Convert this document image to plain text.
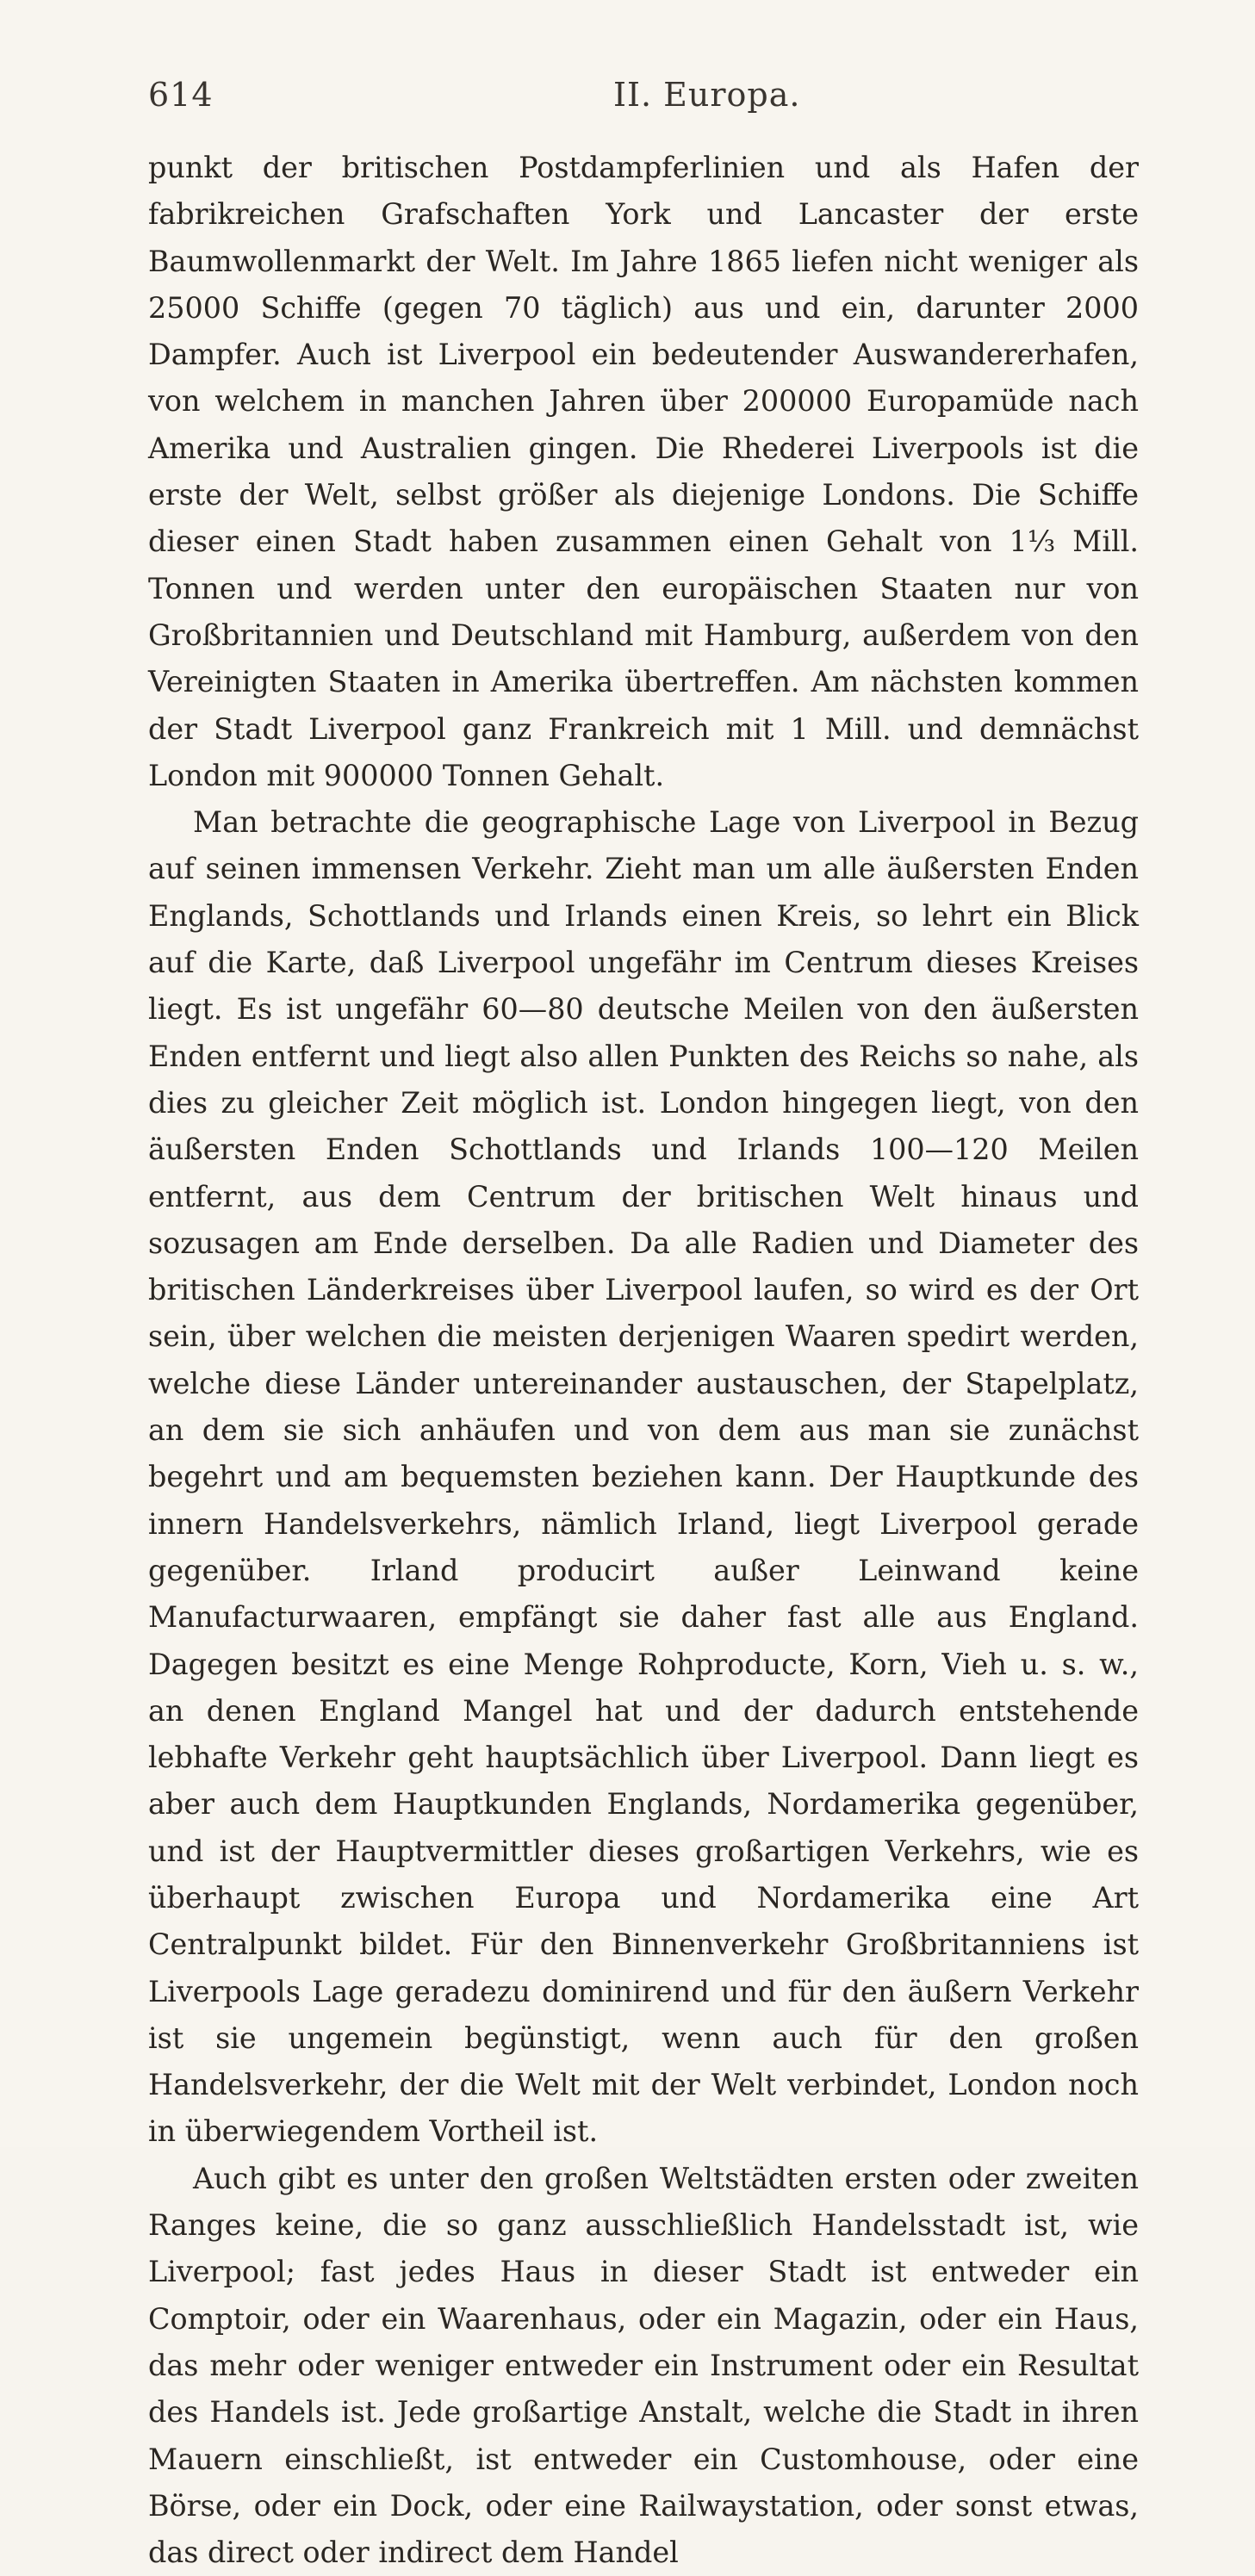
614	II. Europa.

punkt der britischen Postdampferlinien und als Hafen der fabrikreichen Grafschaften York und Lancaster der erste Baumwollenmarkt der Welt. Im Jahre 1865 liefen nicht weniger als 25000 Schiffe (gegen 70 täglich) aus und ein, darunter 2000 Dampfer. Auch ist Liverpool ein bedeutender Auswandererhafen, von welchem in manchen Jahren über 200000 Europamüde nach Amerika und Australien gingen. Die Rhederei Liverpools ist die erste der Welt, selbst größer als diejenige Londons. Die Schiffe dieser einen Stadt haben zusammen einen Gehalt von 1⅓ Mill. Tonnen und werden unter den europäischen Staaten nur von Großbritannien und Deutschland mit Hamburg, außerdem von den Vereinigten Staaten in Amerika übertreffen. Am nächsten kommen der Stadt Liverpool ganz Frankreich mit 1 Mill. und demnächst London mit 900000 Tonnen Gehalt.

Man betrachte die geographische Lage von Liverpool in Bezug auf seinen immensen Verkehr. Zieht man um alle äußersten Enden Englands, Schottlands und Irlands einen Kreis, so lehrt ein Blick auf die Karte, daß Liverpool ungefähr im Centrum dieses Kreises liegt. Es ist ungefähr 60—80 deutsche Meilen von den äußersten Enden entfernt und liegt also allen Punkten des Reichs so nahe, als dies zu gleicher Zeit möglich ist. London hingegen liegt, von den äußersten Enden Schottlands und Irlands 100—120 Meilen entfernt, aus dem Centrum der britischen Welt hinaus und sozusagen am Ende derselben. Da alle Radien und Diameter des britischen Länderkreises über Liverpool laufen, so wird es der Ort sein, über welchen die meisten derjenigen Waaren spedirt werden, welche diese Länder untereinander austauschen, der Stapelplatz, an dem sie sich anhäufen und von dem aus man sie zunächst begehrt und am bequemsten beziehen kann. Der Hauptkunde des innern Handelsverkehrs, nämlich Irland, liegt Liverpool gerade gegenüber. Irland producirt außer Leinwand keine Manufacturwaaren, empfängt sie daher fast alle aus England. Dagegen besitzt es eine Menge Rohproducte, Korn, Vieh u. s. w., an denen England Mangel hat und der dadurch entstehende lebhafte Verkehr geht hauptsächlich über Liverpool. Dann liegt es aber auch dem Hauptkunden Englands, Nordamerika gegenüber, und ist der Hauptvermittler dieses großartigen Verkehrs, wie es überhaupt zwischen Europa und Nordamerika eine Art Centralpunkt bildet. Für den Binnenverkehr Großbritanniens ist Liverpools Lage geradezu dominirend und für den äußern Verkehr ist sie ungemein begünstigt, wenn auch für den großen Handelsverkehr, der die Welt mit der Welt verbindet, London noch in überwiegendem Vortheil ist.

Auch gibt es unter den großen Weltstädten ersten oder zweiten Ranges keine, die so ganz ausschließlich Handelsstadt ist, wie Liverpool; fast jedes Haus in dieser Stadt ist entweder ein Comptoir, oder ein Waarenhaus, oder ein Magazin, oder ein Haus, das mehr oder weniger entweder ein Instrument oder ein Resultat des Handels ist. Jede großartige Anstalt, welche die Stadt in ihren Mauern einschließt, ist entweder ein Customhouse, oder eine Börse, oder ein Dock, oder eine Railwaystation, oder sonst etwas, das direct oder indirect dem Handel
